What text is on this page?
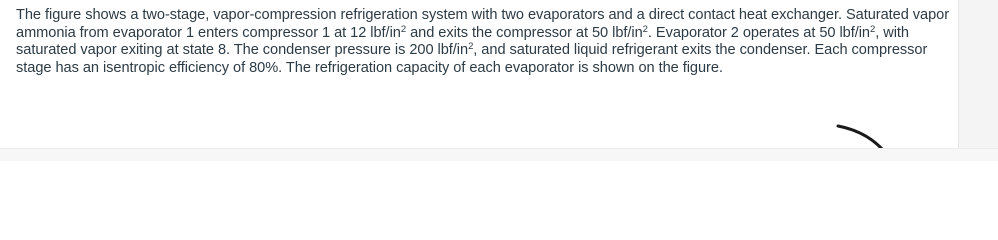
The figure shows a two-stage, vapor-compression refrigeration system with two evaporators and a direct contact heat exchanger. Saturated vapor ammonia from evaporator 1 enters compressor 1 at 12 lbf/$in^2$ and exits the compressor at 50 lbf/$in^2$. Evaporator 2 operates at 50 lbf/$in^2$, with saturated vapor exiting at state 8. The condenser pressure is 200 lbf/$in^2$, and saturated liquid refrigerant exits the condenser. Each compressor stage has an isentropic efficiency of 80%. The refrigeration capacity of each evaporator is shown on the figure.
